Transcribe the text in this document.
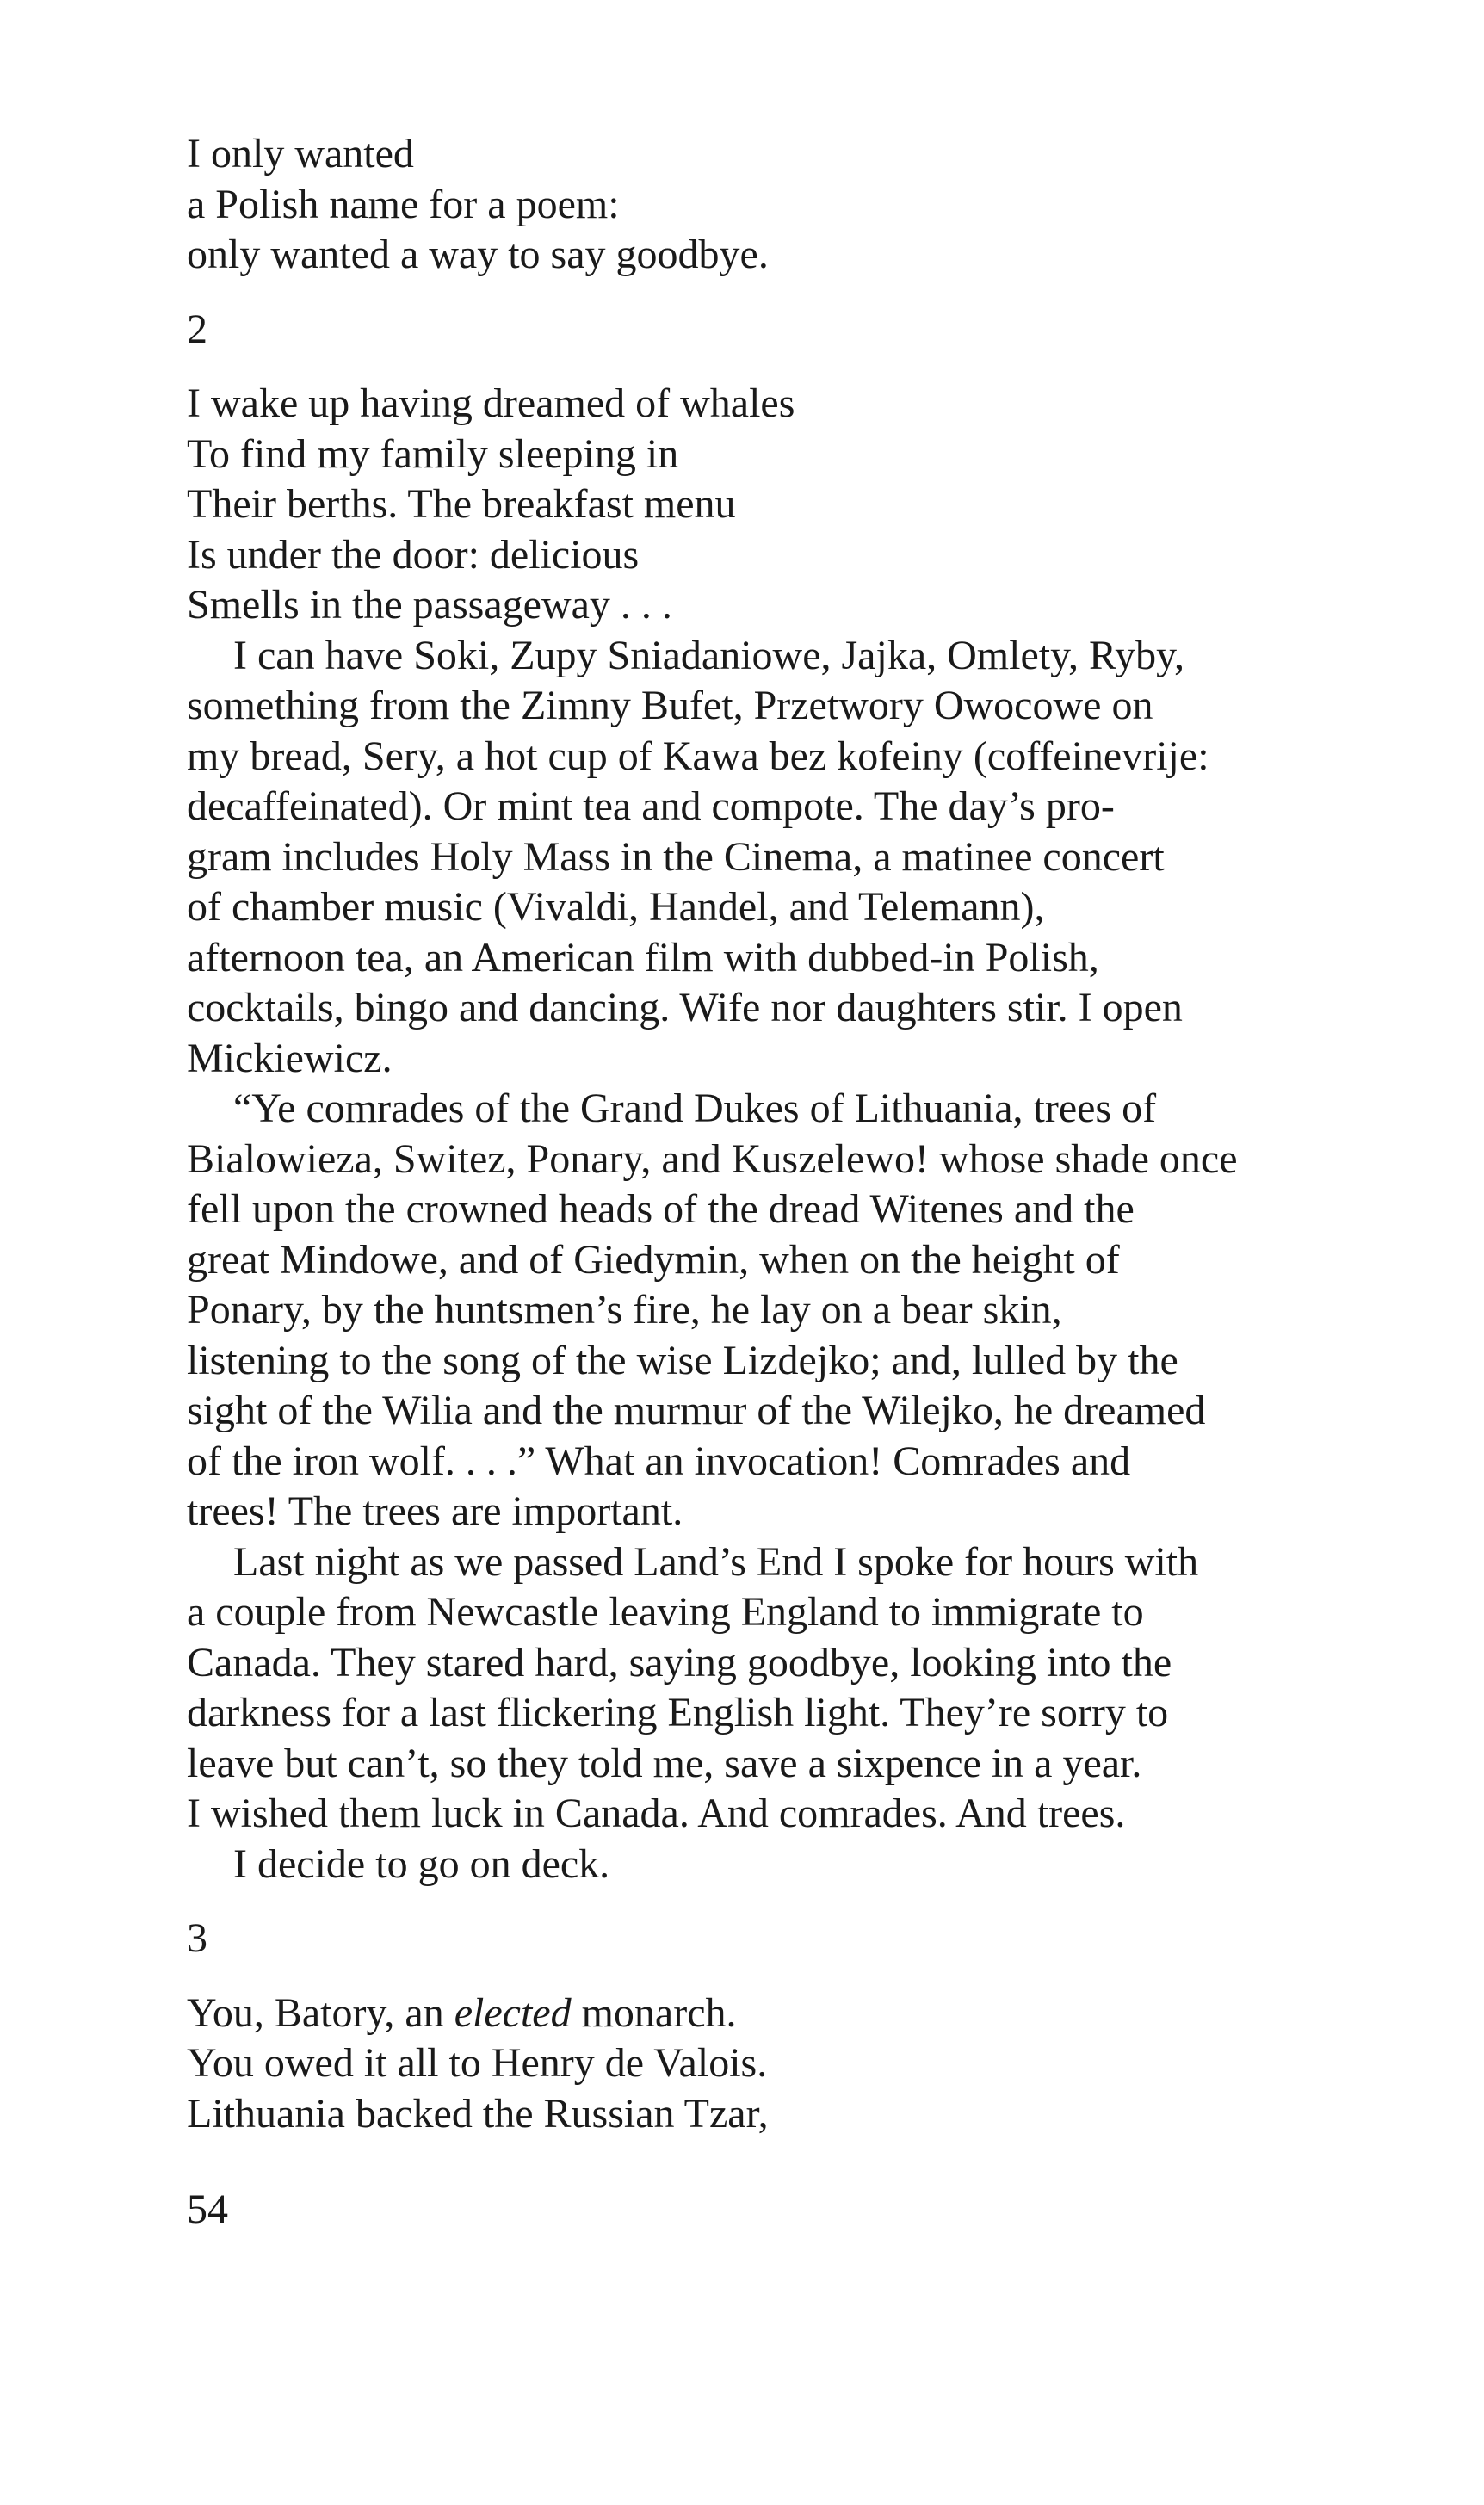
I only wanted
a Polish name for a poem:
only wanted a way to say goodbye.
2
I wake up having dreamed of whales
To find my family sleeping in
Their berths. The breakfast menu
Is under the door: delicious
Smells in the passageway . . .
I can have Soki, Zupy Sniadaniowe, Jajka, Omlety, Ryby,
something from the Zimny Bufet, Przetwory Owocowe on
my bread, Sery, a hot cup of Kawa bez kofeiny (coffeinevrije:
decaffeinated). Or mint tea and compote. The day’s pro-
gram includes Holy Mass in the Cinema, a matinee concert
of chamber music (Vivaldi, Handel, and Telemann),
afternoon tea, an American film with dubbed-in Polish,
cocktails, bingo and dancing. Wife nor daughters stir. I open
Mickiewicz.
“Ye comrades of the Grand Dukes of Lithuania, trees of
Bialowieza, Switez, Ponary, and Kuszelewo! whose shade once
fell upon the crowned heads of the dread Witenes and the
great Mindowe, and of Giedymin, when on the height of
Ponary, by the huntsmen’s fire, he lay on a bear skin,
listening to the song of the wise Lizdejko; and, lulled by the
sight of the Wilia and the murmur of the Wilejko, he dreamed
of the iron wolf. . . .” What an invocation! Comrades and
trees! The trees are important.
Last night as we passed Land’s End I spoke for hours with
a couple from Newcastle leaving England to immigrate to
Canada. They stared hard, saying goodbye, looking into the
darkness for a last flickering English light. They’re sorry to
leave but can’t, so they told me, save a sixpence in a year.
I wished them luck in Canada. And comrades. And trees.
I decide to go on deck.
3
You, Batory, an elected monarch.
You owed it all to Henry de Valois.
Lithuania backed the Russian Tzar,
54
